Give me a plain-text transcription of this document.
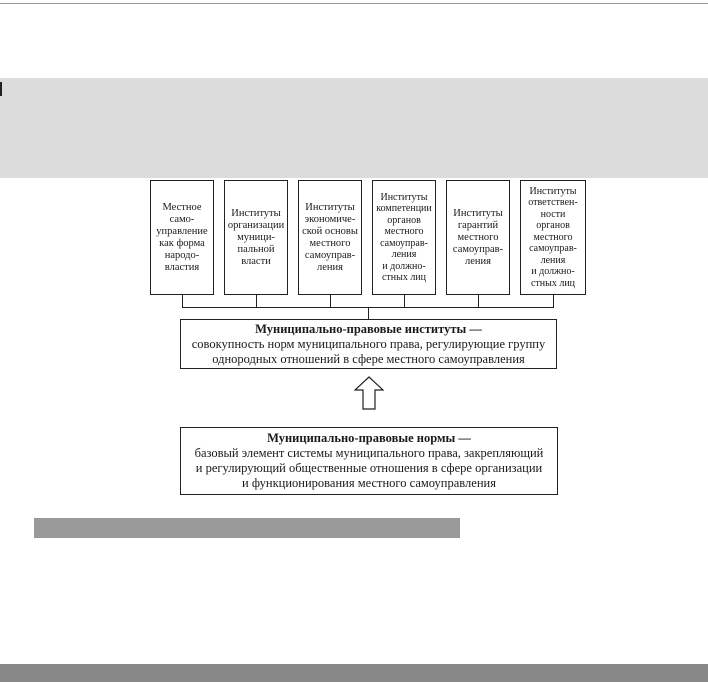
Местное
само-
управление
как форма
народо-
властия
Институты
организации
муници-
пальной
власти
Институты
экономиче-
ской основы
местного
самоуправ-
ления
Институты
компетенции
органов
местного
самоуправ-
ления
и должно-
стных лиц
Институты
гарантий
местного
самоуправ-
ления
Институты
ответствен-
ности
органов
местного
самоуправ-
ления
и должно-
стных лиц
Муниципально-правовые институты —
совокупность норм муниципального права, регулирующие группу
однородных отношений в сфере местного самоуправления
Муниципально-правовые нормы —
базовый элемент системы муниципального права, закрепляющий
и регулирующий общественные отношения в сфере организации
и функционирования местного самоуправления
